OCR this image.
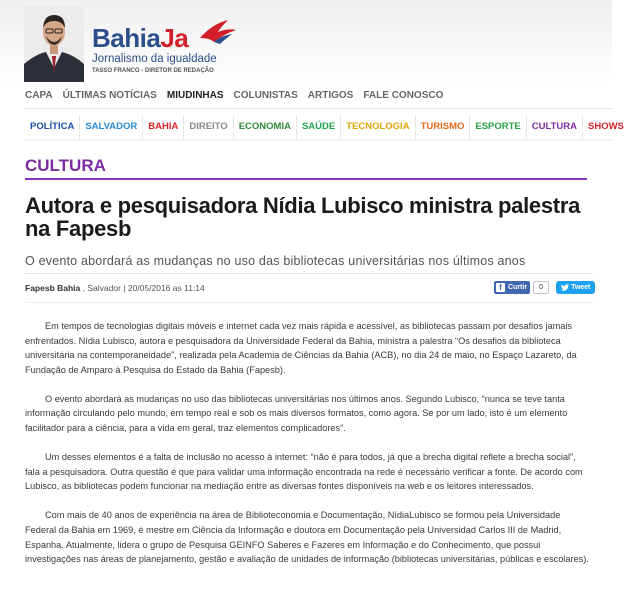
BahiaJa
Jornalismo da igualdade
TASSO FRANCO - DIRETOR DE REDAÇÃO
CAPA ÚLTIMAS NOTÍCIAS MIUDINHAS COLUNISTAS ARTIGOS FALE CONOSCO
POLÍTICA	SALVADOR	BAHIA	DIREITO	ECONOMIA	SAÚDE	TECNOLOGIA	TURISMO	ESPORTE	CULTURA	SHOWS
CULTURA
Autora e pesquisadora Nídia Lubisco ministra palestra na Fapesb
O evento abordará as mudanças no uso das bibliotecas universitárias nos últimos anos
Fapesb Bahia , Salvador | 20/05/2016 as 11:14	f Curtir	0	Tweet

Em tempos de tecnologias digitais móveis e internet cada vez mais rápida e acessível, as bibliotecas passam por desafios jamais enfrentados. Nídia Lubisco, autora e pesquisadora da Universidade Federal da Bahia, ministra a palestra “Os desafios da biblioteca universitária na contemporaneidade”, realizada pela Academia de Ciências da Bahia (ACB), no dia 24 de maio, no Espaço Lazareto, da Fundação de Amparo à Pesquisa do Estado da Bahia (Fapesb).

O evento abordará as mudanças no uso das bibliotecas universitárias nos últimos anos. Segundo Lubisco, “nunca se teve tanta informação circulando pelo mundo, em tempo real e sob os mais diversos formatos, como agora. Se por um lado, isto é um elemento facilitador para a ciência, para a vida em geral, traz elementos complicadores”.

Um desses elementos é a falta de inclusão no acesso à internet: “não é para todos, já que a brecha digital reflete a brecha social”, fala a pesquisadora. Outra questão é que para validar uma informação encontrada na rede é necessário verificar a fonte. De acordo com Lubisco, as bibliotecas podem funcionar na mediação entre as diversas fontes disponíveis na web e os leitores interessados.

Com mais de 40 anos de experiência na área de Biblioteconomia e Documentação, NídiaLubisco se formou pela Universidade Federal da Bahia em 1969, é mestre em Ciência da Informação e doutora em Documentação pela Universidad Carlos III de Madrid, Espanha. Atualmente, lidera o grupo de Pesquisa GEINFO Saberes e Fazeres em Informação e do Conhecimento, que possui investigações nas áreas de planejamento, gestão e avaliação de unidades de informação (bibliotecas universitárias, públicas e escolares).
